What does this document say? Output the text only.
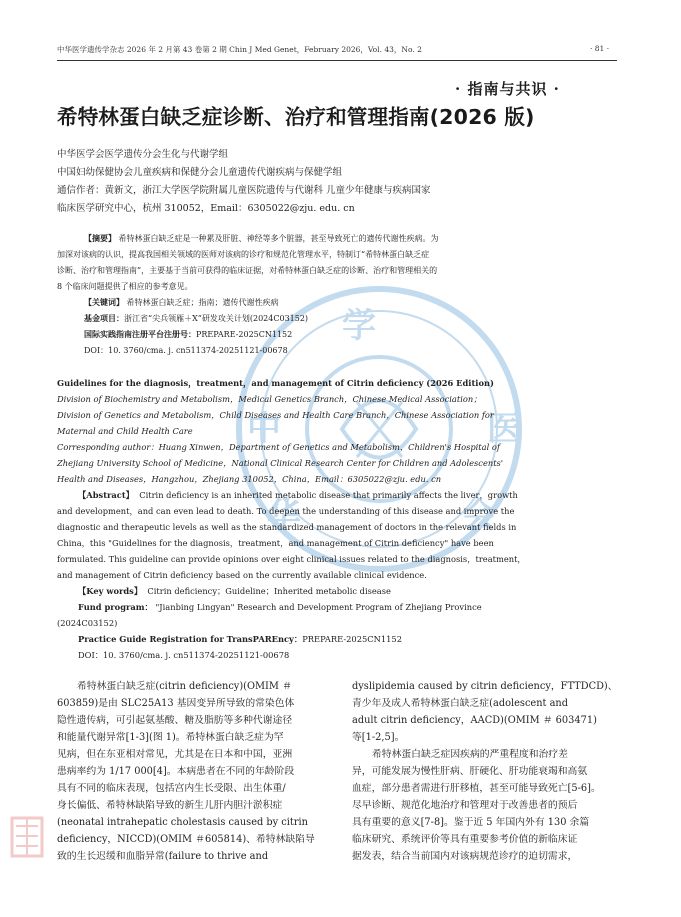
学
中
华	会
医
中华医学遗传学杂志 2026 年 2 月第 43 卷第 2 期 Chin J Med Genet，February 2026，Vol. 43，No. 2	· 81 ·
· 指南与共识 ·
希特林蛋白缺乏症诊断、治疗和管理指南(2026 版)
中华医学会医学遗传分会生化与代谢学组
中国妇幼保健协会儿童疾病和保健分会儿童遗传代谢疾病与保健学组
通信作者：黄新文，浙江大学医学院附属儿童医院遗传与代谢科 儿童少年健康与疾病国家
临床医学研究中心，杭州 310052，Email：6305022@zju. edu. cn
【摘要】 希特林蛋白缺乏症是一种累及肝脏、神经等多个脏器，甚至导致死亡的遗传代谢性疾病。为
加深对该病的认识，提高我国相关领域的医师对该病的诊疗和规范化管理水平，特制订“希特林蛋白缺乏症
诊断、治疗和管理指南”，主要基于当前可获得的临床证据，对希特林蛋白缺乏症的诊断、治疗和管理相关的
8 个临床问题提供了相应的参考意见。
【关键词】 希特林蛋白缺乏症；指南；遗传代谢性疾病
基金项目：浙江省“尖兵领雁＋X”研发攻关计划(2024C03152)
国际实践指南注册平台注册号：PREPARE-2025CN1152
DOI：10. 3760/cma. j. cn511374-20251121-00678
Guidelines for the diagnosis，treatment，and management of Citrin deficiency (2026 Edition)
Division of Biochemistry and Metabolism，Medical Genetics Branch，Chinese Medical Association；
Division of Genetics and Metabolism，Child Diseases and Health Care Branch，Chinese Association for
Maternal and Child Health Care
Corresponding author：Huang Xinwen，Department of Genetics and Metabolism，Children's Hospital of
Zhejiang University School of Medicine，National Clinical Research Center for Children and Adolescents'
Health and Diseases，Hangzhou，Zhejiang 310052，China，Email：6305022@zju. edu. cn
【Abstract】 Citrin deficiency is an inherited metabolic disease that primarily affects the liver，growth
and development，and can even lead to death. To deepen the understanding of this disease and improve the
diagnostic and therapeutic levels as well as the standardized management of doctors in the relevant fields in
China，this "Guidelines for the diagnosis，treatment，and management of Citrin deficiency" have been
formulated. This guideline can provide opinions over eight clinical issues related to the diagnosis，treatment，
and management of Citrin deficiency based on the currently available clinical evidence.
【Key words】 Citrin deficiency；Guideline；Inherited metabolic disease
Fund program： "Jianbing Lingyan" Research and Development Program of Zhejiang Province
(2024C03152)
Practice Guide Registration for TransPAREncy：PREPARE-2025CN1152
DOI：10. 3760/cma. j. cn511374-20251121-00678
希特林蛋白缺乏症(citrin deficiency)(OMIM ＃
603859)是由 SLC25A13 基因变异所导致的常染色体
隐性遗传病，可引起氨基酸、糖及脂肪等多种代谢途径
和能量代谢异常[1-3](图 1)。希特林蛋白缺乏症为罕
见病，但在东亚相对常见，尤其是在日本和中国，亚洲
患病率约为 1/17 000[4]。本病患者在不同的年龄阶段
具有不同的临床表现，包括宫内生长受限、出生体重/
身长偏低、希特林缺陷导致的新生儿肝内胆汁淤积症
(neonatal intrahepatic cholestasis caused by citrin
deficiency，NICCD)(OMIM ＃605814)、希特林缺陷导
致的生长迟缓和血脂异常(failure to thrive and
dyslipidemia caused by citrin deficiency，FTTDCD)、
青少年及成人希特林蛋白缺乏症(adolescent and
adult citrin deficiency，AACD)(OMIM ＃ 603471)
等[1-2,5]。
希特林蛋白缺乏症因疾病的严重程度和治疗差
异，可能发展为慢性肝病、肝硬化、肝功能衰竭和高氨
血症，部分患者需进行肝移植，甚至可能导致死亡[5-6]。
尽早诊断、规范化地治疗和管理对于改善患者的预后
具有重要的意义[7-8]。鉴于近 5 年国内外有 130 余篇
临床研究、系统评价等具有重要参考价值的新临床证
据发表，结合当前国内对该病规范诊疗的迫切需求，
